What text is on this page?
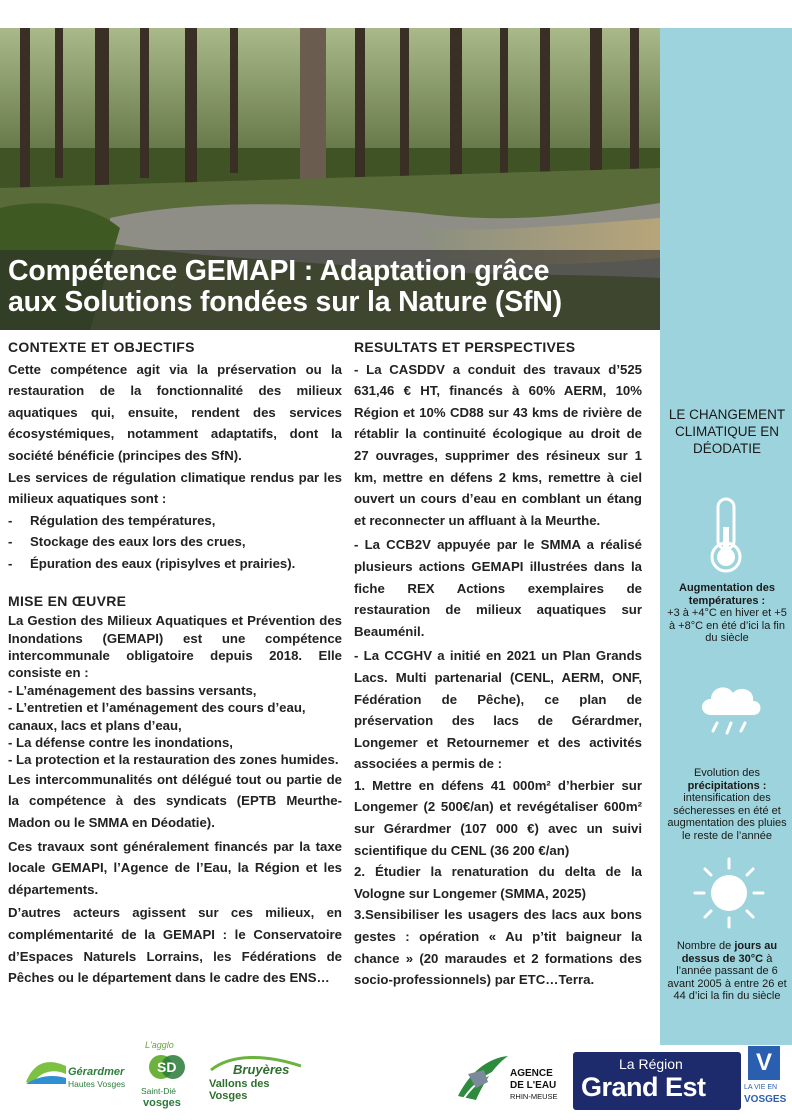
Compétence GEMAPI : Adaptation grâce
aux Solutions fondées sur la Nature (SfN)
LE CHANGEMENT CLIMATIQUE EN DÉODATIE
Augmentation des températures :
+3 à +4°C en hiver et +5 à +8°C en été d’ici la fin du siècle
Evolution des
précipitations :
intensification des sécheresses en été et augmentation des pluies le reste de l’année
Nombre de jours au dessus de 30°C à l’année passant de 6 avant 2005 à entre 26 et 44 d’ici la fin du siècle
CONTEXTE ET OBJECTIFS

Cette compétence agit via la préservation ou la restauration de la fonctionnalité des milieux aquatiques qui, ensuite, rendent des services écosystémiques, notamment adaptatifs, dont la société bénéficie (principes des SfN).

Les services de régulation climatique rendus par les milieux aquatiques sont :

-	Régulation des températures,
-	Stockage des eaux lors des crues,
-	Épuration des eaux (ripisylves et prairies).
MISE EN ŒUVRE

La Gestion des Milieux Aquatiques et Prévention des Inondations (GEMAPI) est une compétence intercommunale obligatoire depuis 2018. Elle consiste en :

- L’aménagement des bassins versants,
- L’entretien et l’aménagement des cours d’eau, canaux, lacs et plans d’eau,
- La défense contre les inondations,
- La protection et la restauration des zones humides.

Les intercommunalités ont délégué tout ou partie de la compétence à des syndicats (EPTB Meurthe-Madon ou le SMMA en Déodatie).

Ces travaux sont généralement financés par la taxe locale GEMAPI, l’Agence de l’Eau, la Région et les départements.

D’autres acteurs agissent sur ces milieux, en complémentarité de la GEMAPI : le Conservatoire d’Espaces Naturels Lorrains, les Fédérations de Pêches ou le département dans le cadre des ENS…

RESULTATS ET PERSPECTIVES

- La CASDDV a conduit des travaux d’525 631,46 € HT, financés à 60% AERM, 10% Région et 10% CD88 sur 43 kms de rivière de rétablir la continuité écologique au droit de 27 ouvrages, supprimer des résineux sur 1 km, mettre en défens 2 kms, remettre à ciel ouvert un cours d’eau en comblant un étang et reconnecter un affluant à la Meurthe.

- La CCB2V appuyée par le SMMA a réalisé plusieurs actions GEMAPI illustrées dans la fiche REX Actions exemplaires de restauration de milieux aquatiques sur Beauménil.

- La CCGHV a initié en 2021 un Plan Grands Lacs. Multi partenarial (CENL, AERM, ONF, Fédération de Pêche), ce plan de préservation des lacs de Gérardmer, Longemer et Retournemer et des activités associées a permis de :

1. Mettre en défens 41 000m² d’herbier sur Longemer (2 500€/an) et revégétaliser 600m² sur Gérardmer (107 000 €) avec un suivi scientifique du CENL (36 200 €/an)

2. Étudier la renaturation du delta de la Vologne sur Longemer (SMMA, 2025)

3.Sensibiliser les usagers des lacs aux bons gestes : opération « Au p’tit baigneur la chance » (20 maraudes et 2 formations des socio-professionnels) par ETC…Terra.

Gérardmer
Hautes Vosges
L'agglo
SD
Saint-Dié
vosges
Bruyères
Vallons des Vosges
AGENCE
DE L'EAU
RHIN-MEUSE
La Région
Grand Est
V
LA VIE EN
VOSGES
